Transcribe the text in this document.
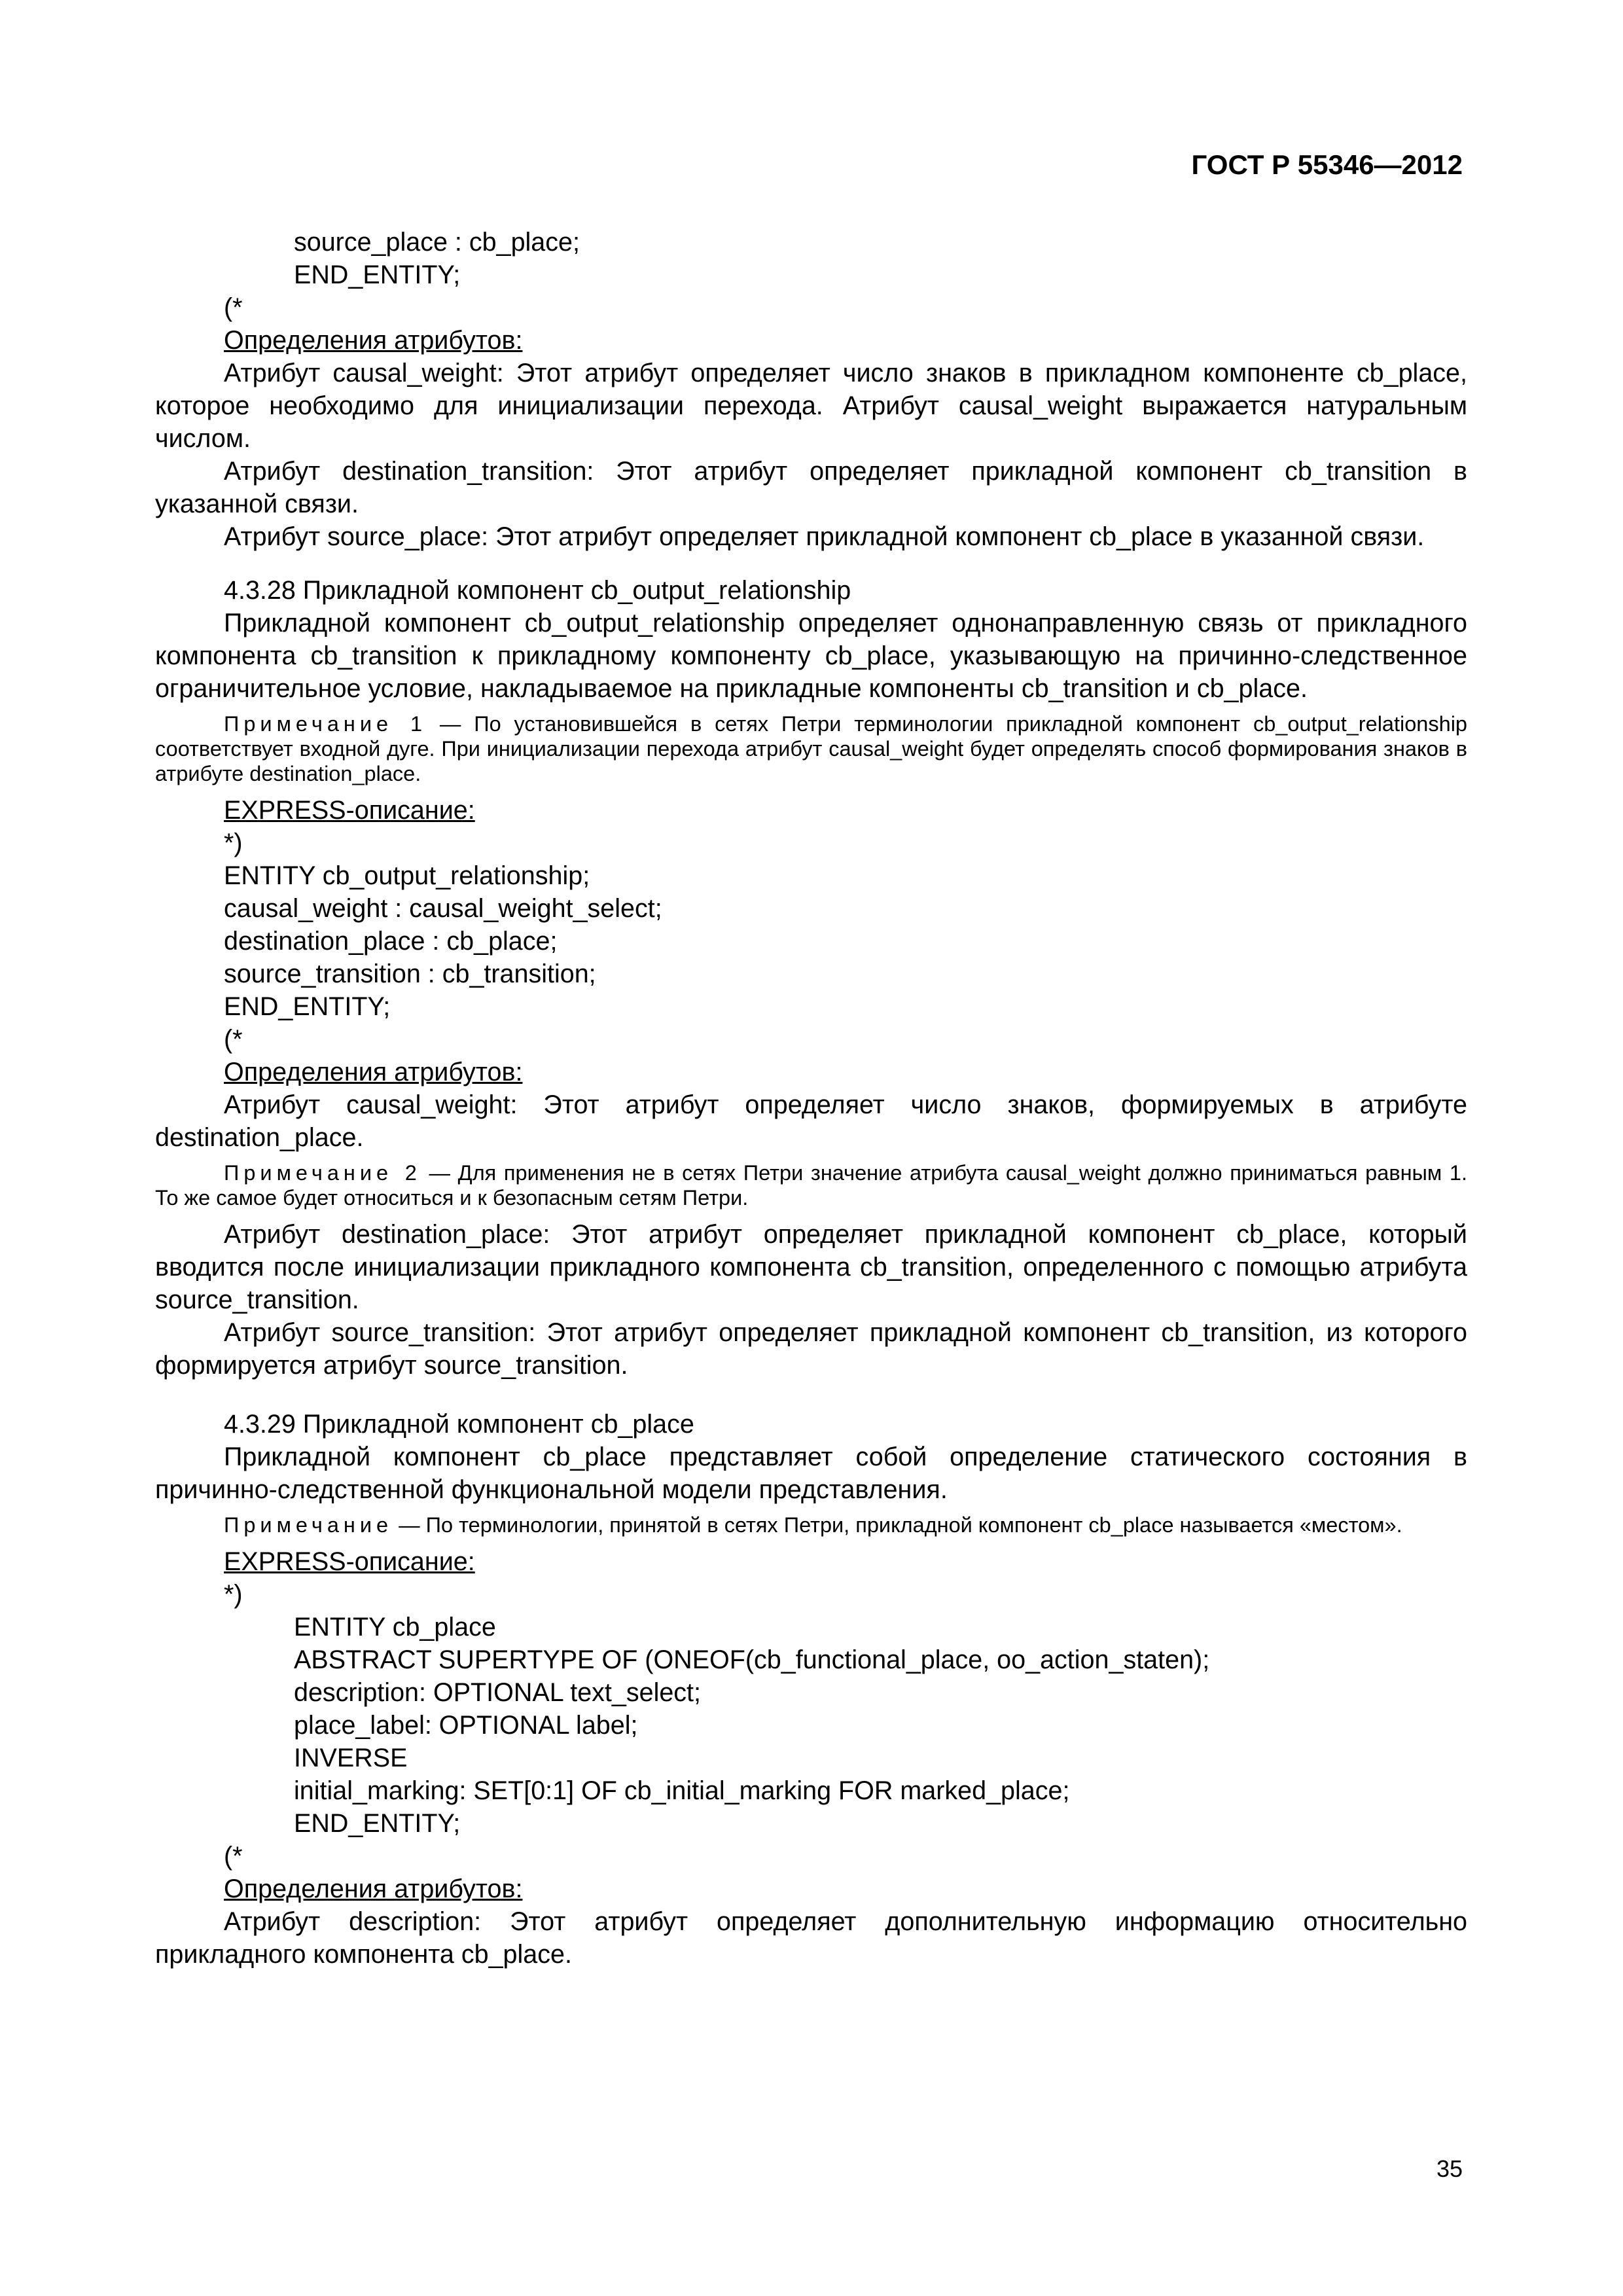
ГОСТ Р 55346—2012
source_place : cb_place;
END_ENTITY;
(*
Определения атрибутов:

Атрибут causal_weight: Этот атрибут определяет число знаков в прикладном компоненте cb_place, которое необходимо для инициализации перехода. Атрибут causal_weight выражается натуральным числом.

Атрибут destination_transition: Этот атрибут определяет прикладной компонент cb_transition в указанной связи.

Атрибут source_place: Этот атрибут определяет прикладной компонент cb_place в указанной связи.

4.3.28 Прикладной компонент cb_output_relationship

Прикладной компонент cb_output_relationship определяет однонаправленную связь от прикладного компонента cb_transition к прикладному компоненту cb_place, указывающую на причинно-следственное ограничительное условие, накладываемое на прикладные компоненты cb_transition и cb_place.

Примечание 1 — По установившейся в сетях Петри терминологии прикладной компонент cb_output_relationship соответствует входной дуге. При инициализации перехода атрибут causal_weight будет определять способ формирования знаков в атрибуте destination_place.

EXPRESS-описание:
*)
ENTITY cb_output_relationship;
causal_weight : causal_weight_select;
destination_place : cb_place;
source_transition : cb_transition;
END_ENTITY;
(*
Определения атрибутов:

Атрибут causal_weight: Этот атрибут определяет число знаков, формируемых в атрибуте destination_place.

Примечание 2 — Для применения не в сетях Петри значение атрибута causal_weight должно приниматься равным 1. То же самое будет относиться и к безопасным сетям Петри.

Атрибут destination_place: Этот атрибут определяет прикладной компонент cb_place, который вводится после инициализации прикладного компонента cb_transition, определенного с помощью атрибута source_transition.

Атрибут source_transition: Этот атрибут определяет прикладной компонент cb_transition, из которого формируется атрибут source_transition.

4.3.29 Прикладной компонент cb_place

Прикладной компонент cb_place представляет собой определение статического состояния в причинно-следственной функциональной модели представления.

Примечание — По терминологии, принятой в сетях Петри, прикладной компонент cb_place называется «местом».

EXPRESS-описание:
*)
ENTITY cb_place
ABSTRACT SUPERTYPE OF (ONEOF(cb_functional_place, oo_action_staten);
description: OPTIONAL text_select;
place_label: OPTIONAL label;
INVERSE
initial_marking: SET[0:1] OF cb_initial_marking FOR marked_place;
END_ENTITY;
(*
Определения атрибутов:

Атрибут description: Этот атрибут определяет дополнительную информацию относительно прикладного компонента cb_place.

35
